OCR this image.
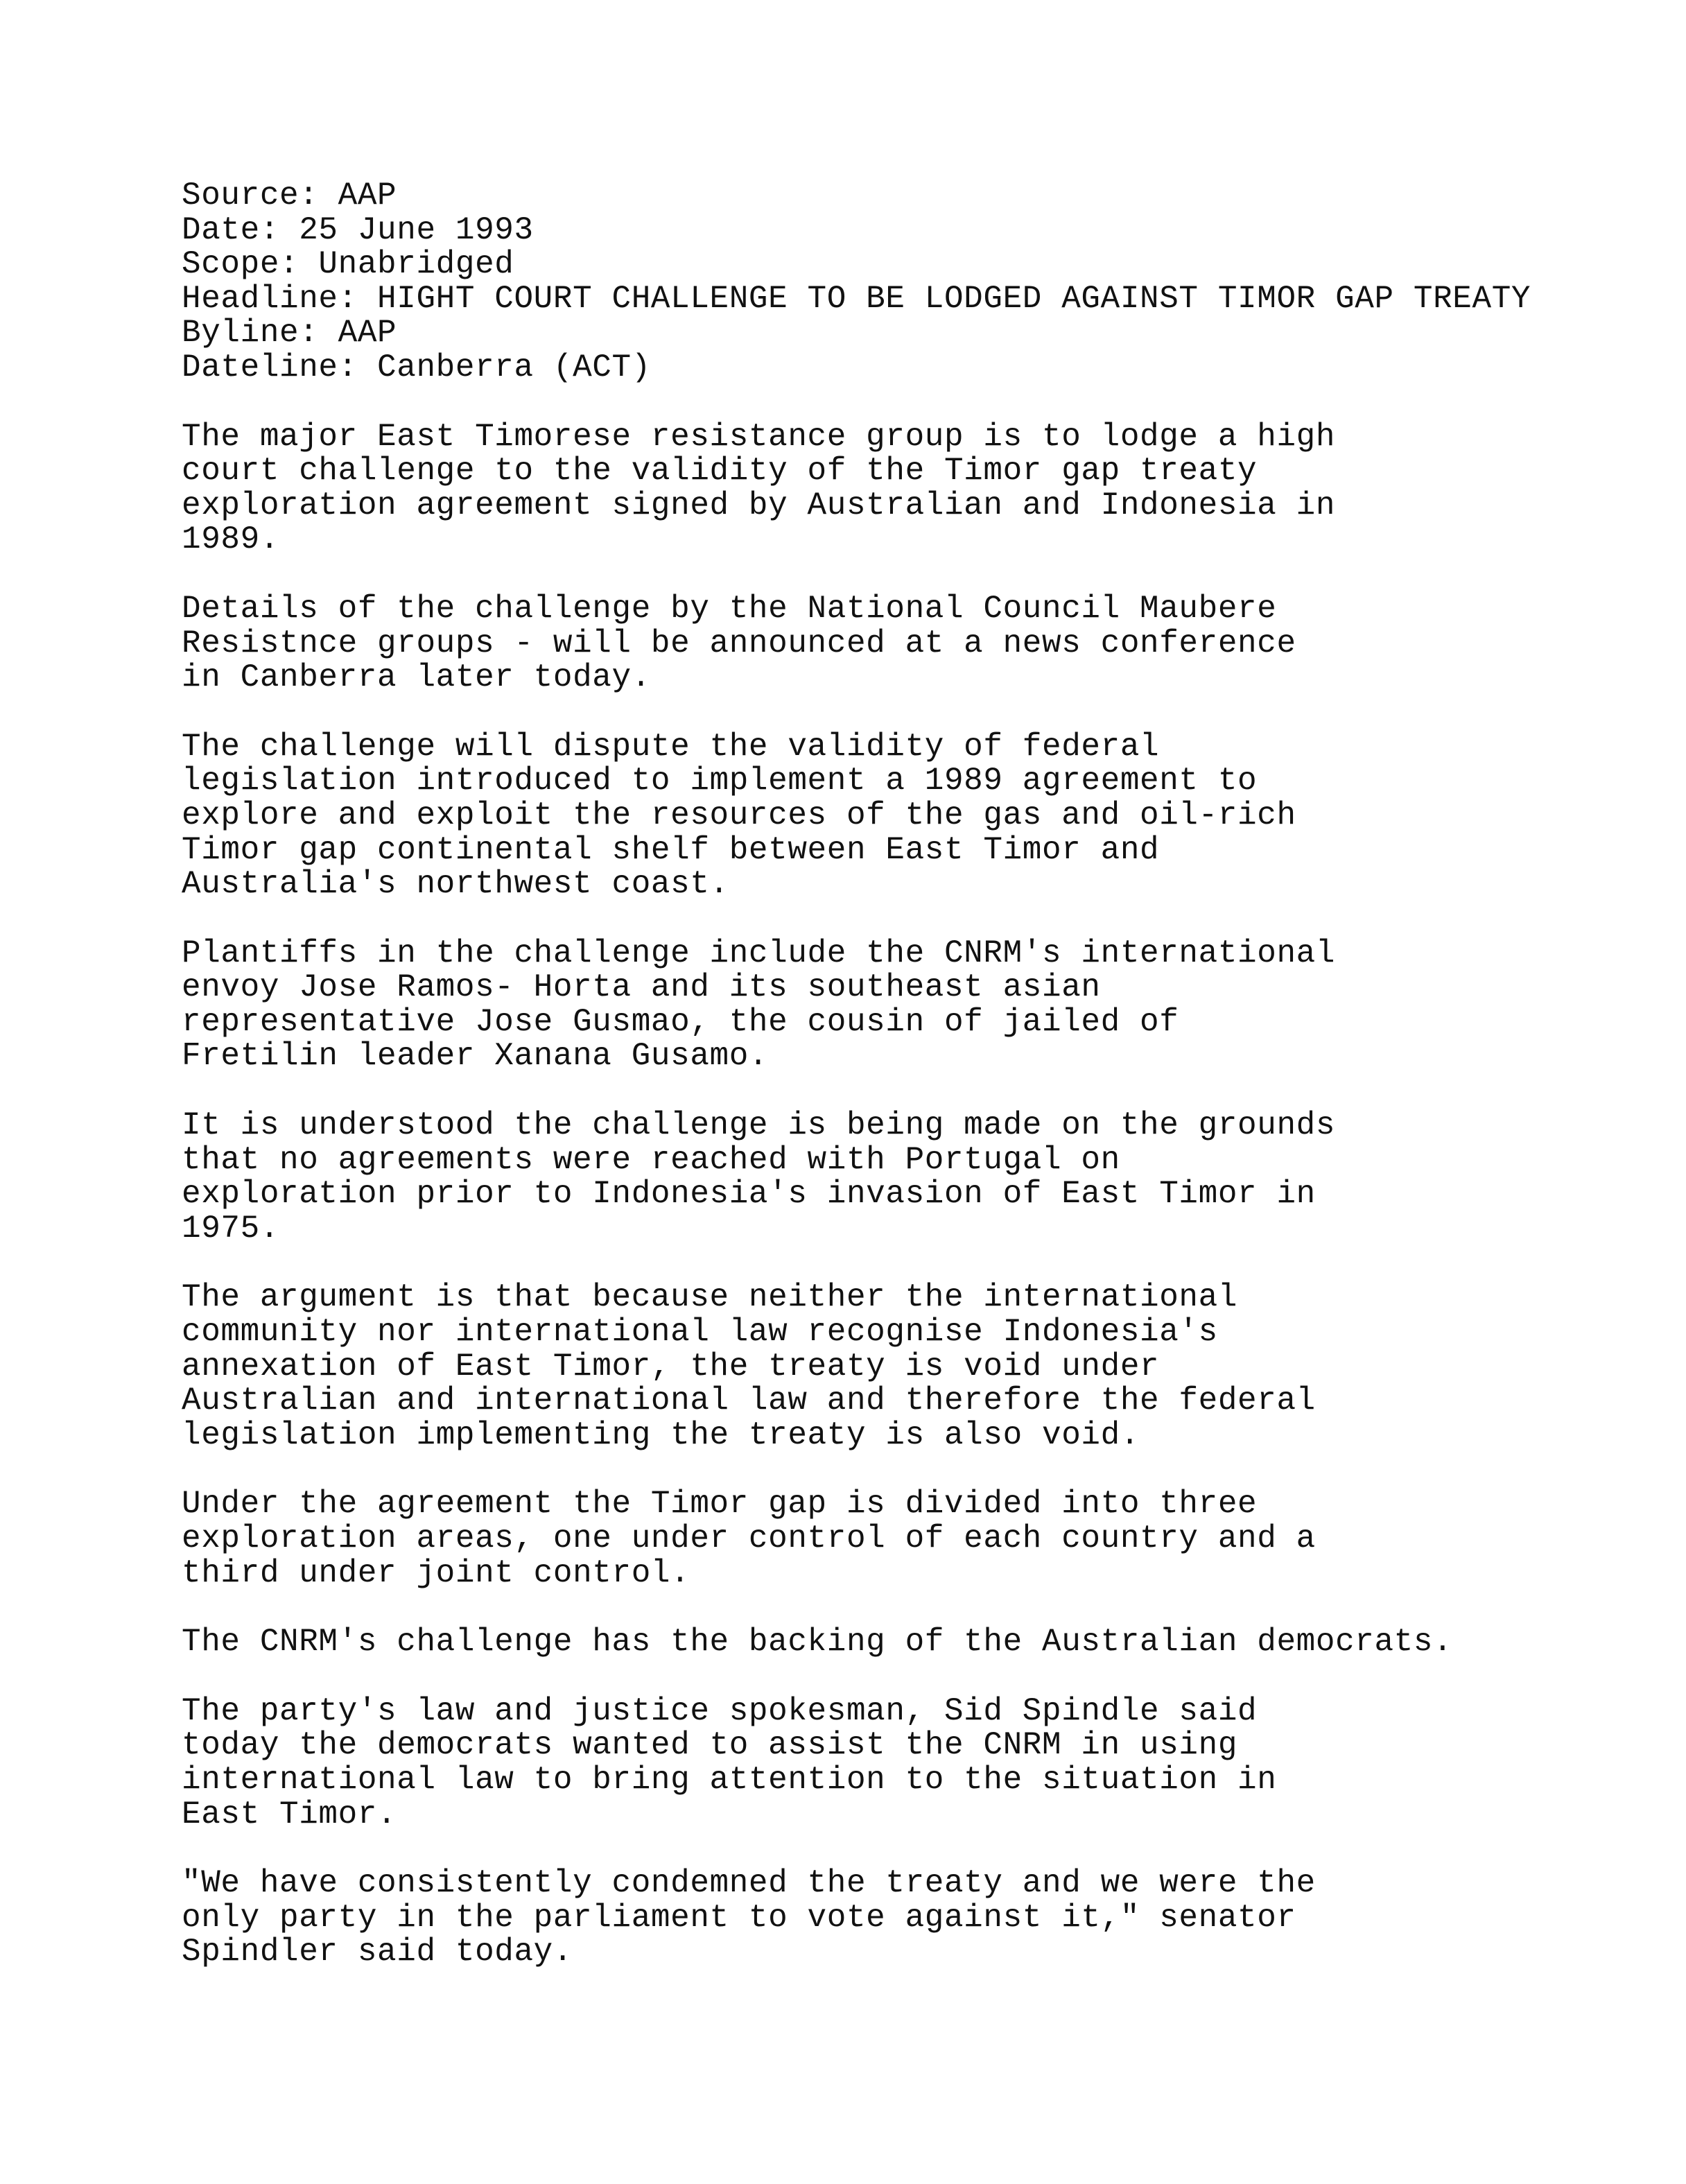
Source: AAP

Date: 25 June 1993

Scope: Unabridged

Headline: HIGHT COURT CHALLENGE TO BE LODGED AGAINST TIMOR GAP TREATY

Byline: AAP

Dateline: Canberra (ACT)

The major East Timorese resistance group is to lodge a high
court challenge to the validity of the Timor gap treaty
exploration agreement signed by Australian and Indonesia in
1989.

Details of the challenge by the National Council Maubere
Resistnce groups - will be announced at a news conference
in Canberra later today.

The challenge will dispute the validity of federal
legislation introduced to implement a 1989 agreement to
explore and exploit the resources of the gas and oil-rich
Timor gap continental shelf between East Timor and
Australia's northwest coast.

Plantiffs in the challenge include the CNRM's international
envoy Jose Ramos- Horta and its southeast asian
representative Jose Gusmao, the cousin of jailed of
Fretilin leader Xanana Gusamo.

It is understood the challenge is being made on the grounds
that no agreements were reached with Portugal on
exploration prior to Indonesia's invasion of East Timor in
1975.

The argument is that because neither the international
community nor international law recognise Indonesia's
annexation of East Timor, the treaty is void under
Australian and international law and therefore the federal
legislation implementing the treaty is also void.

Under the agreement the Timor gap is divided into three
exploration areas, one under control of each country and a
third under joint control.

The CNRM's challenge has the backing of the Australian democrats.

The party's law and justice spokesman, Sid Spindle said
today the democrats wanted to assist the CNRM in using
international law to bring attention to the situation in
East Timor.

"We have consistently condemned the treaty and we were the
only party in the parliament to vote against it," senator
Spindler said today.
